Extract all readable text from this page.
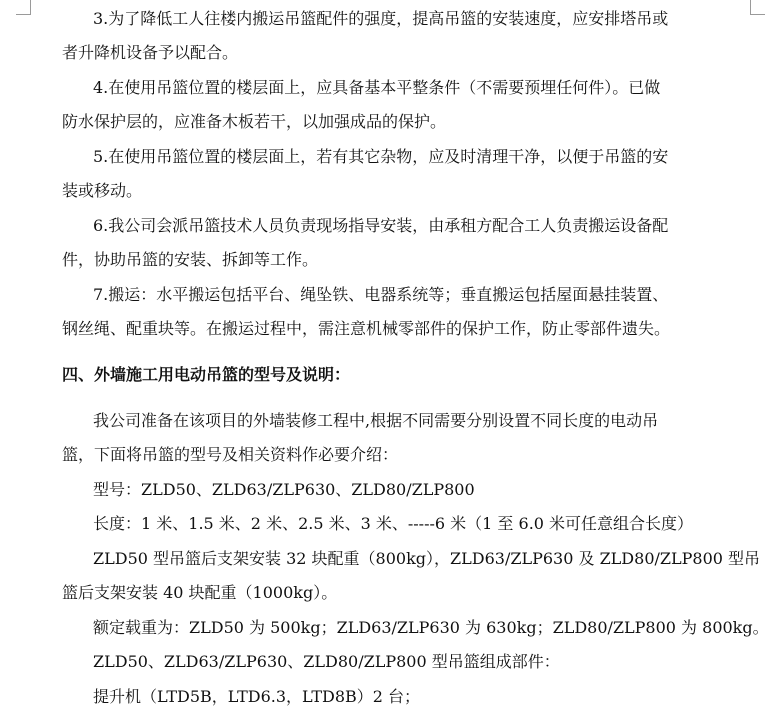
3.为了降低工人往楼内搬运吊篮配件的强度，提高吊篮的安装速度，应安排塔吊或
者升降机设备予以配合。
4.在使用吊篮位置的楼层面上，应具备基本平整条件（不需要预埋任何件）。已做
防水保护层的，应准备木板若干，以加强成品的保护。
5.在使用吊篮位置的楼层面上，若有其它杂物，应及时清理干净，以便于吊篮的安
装或移动。
6.我公司会派吊篮技术人员负责现场指导安装，由承租方配合工人负责搬运设备配
件，协助吊篮的安装、拆卸等工作。
7.搬运：水平搬运包括平台、绳坠铁、电器系统等；垂直搬运包括屋面悬挂装置、
钢丝绳、配重块等。在搬运过程中，需注意机械零部件的保护工作，防止零部件遗失。
四、外墙施工用电动吊篮的型号及说明：
我公司准备在该项目的外墙装修工程中,根据不同需要分别设置不同长度的电动吊
篮，下面将吊篮的型号及相关资料作必要介绍：
型号：ZLD50、ZLD63/ZLP630、ZLD80/ZLP800
长度：1 米、1.5 米、2 米、2.5 米、3 米、-----6 米（1 至 6.0 米可任意组合长度）
ZLD50 型吊篮后支架安装 32 块配重（800kg），ZLD63/ZLP630 及 ZLD80/ZLP800 型吊
篮后支架安装 40 块配重（1000kg）。
额定载重为：ZLD50 为 500kg；ZLD63/ZLP630 为 630kg；ZLD80/ZLP800 为 800kg。
ZLD50、ZLD63/ZLP630、ZLD80/ZLP800 型吊篮组成部件：
提升机（LTD5B，LTD6.3，LTD8B）2 台；
